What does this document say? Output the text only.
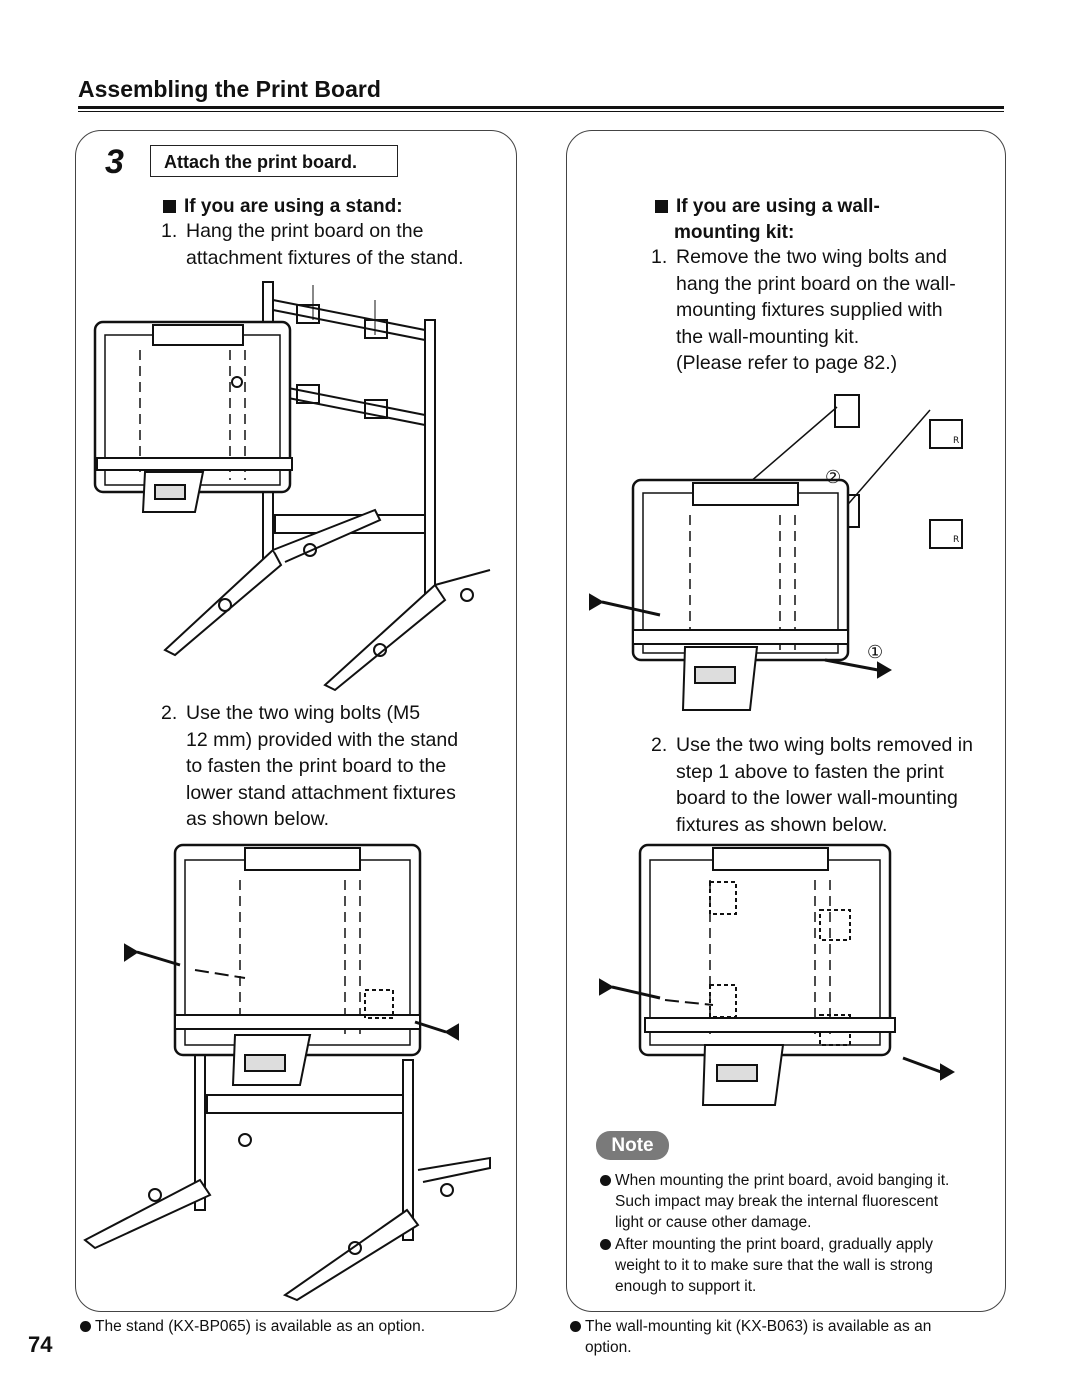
Assembling the Print Board
3	Attach the print board.
If you are using a stand:
1. Hang the print board on the
attachment fixtures of the stand.
2. Use the two wing bolts (M5
12 mm) provided with the stand
to fasten the print board to the
lower stand attachment fixtures
as shown below.
If you are using a wall-
mounting kit:
1. Remove the two wing bolts and
hang the print board on the wall-
mounting fixtures supplied with
the wall-mounting kit.
(Please refer to page 82.)
2. Use the two wing bolts removed in
step 1 above to fasten the print
board to the lower wall-mounting
fixtures as shown below.
②
①
R
R
Note
When mounting the print board, avoid banging it.
Such impact may break the internal fluorescent
light or cause other damage.
After mounting the print board, gradually apply
weight to it to make sure that the wall is strong
enough to support it.
The stand (KX-BP065) is available as an option.	The wall-mounting kit (KX-B063) is available as an
option.
74
